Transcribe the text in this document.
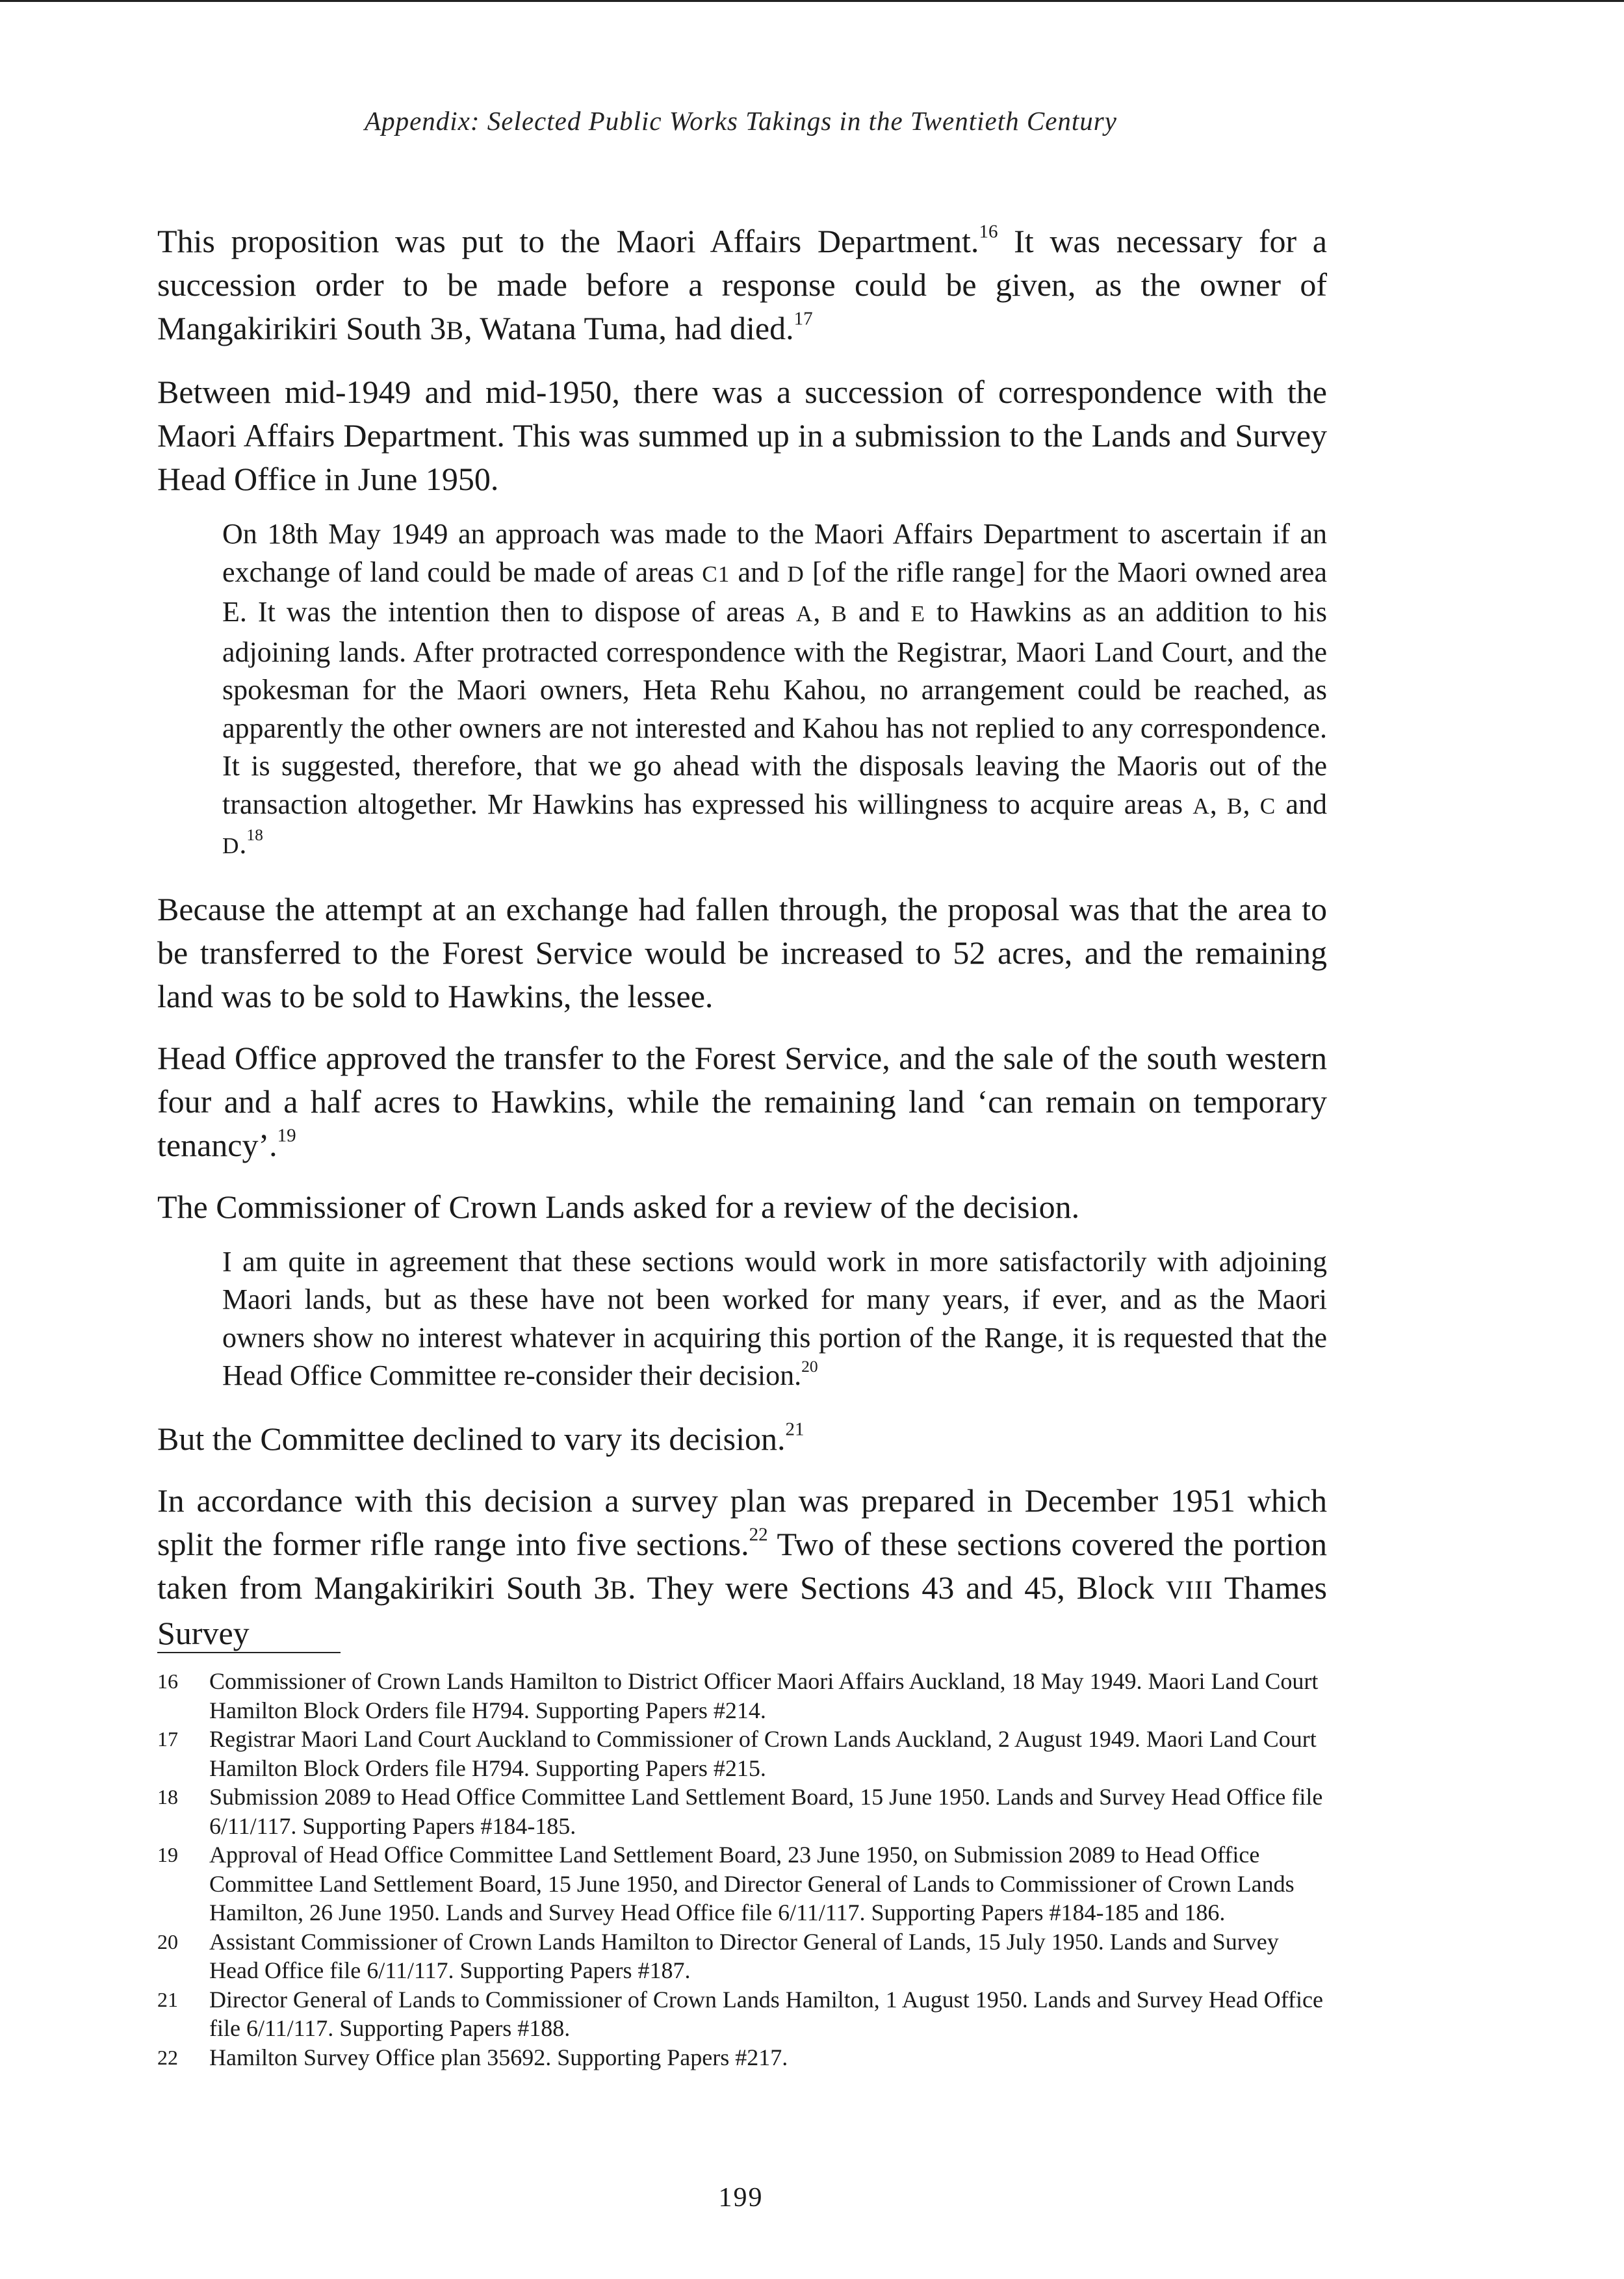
Appendix: Selected Public Works Takings in the Twentieth Century

This proposition was put to the Maori Affairs Department.$^{16}$ It was necessary for a succession order to be made before a response could be given, as the owner of Mangakirikiri South 3B, Watana Tuma, had died.$^{17}$

Between mid-1949 and mid-1950, there was a succession of correspondence with the Maori Affairs Department. This was summed up in a submission to the Lands and Survey Head Office in June 1950.

On 18th May 1949 an approach was made to the Maori Affairs Department to ascertain if an exchange of land could be made of areas C1 and D [of the rifle range] for the Maori owned area E. It was the intention then to dispose of areas A, B and E to Hawkins as an addition to his adjoining lands. After protracted correspondence with the Registrar, Maori Land Court, and the spokesman for the Maori owners, Heta Rehu Kahou, no arrangement could be reached, as apparently the other owners are not interested and Kahou has not replied to any correspondence. It is suggested, therefore, that we go ahead with the disposals leaving the Maoris out of the transaction altogether. Mr Hawkins has expressed his willingness to acquire areas A, B, C and D.$^{18}$

Because the attempt at an exchange had fallen through, the proposal was that the area to be transferred to the Forest Service would be increased to 52 acres, and the remaining land was to be sold to Hawkins, the lessee.

Head Office approved the transfer to the Forest Service, and the sale of the south western four and a half acres to Hawkins, while the remaining land ‘can remain on temporary tenancy’.$^{19}$

The Commissioner of Crown Lands asked for a review of the decision.

I am quite in agreement that these sections would work in more satisfactorily with adjoining Maori lands, but as these have not been worked for many years, if ever, and as the Maori owners show no interest whatever in acquiring this portion of the Range, it is requested that the Head Office Committee re-consider their decision.$^{20}$

But the Committee declined to vary its decision.$^{21}$

In accordance with this decision a survey plan was prepared in December 1951 which split the former rifle range into five sections.$^{22}$ Two of these sections covered the portion taken from Mangakirikiri South 3B. They were Sections 43 and 45, Block VIII Thames Survey

16 Commissioner of Crown Lands Hamilton to District Officer Maori Affairs Auckland, 18 May 1949. Maori Land Court Hamilton Block Orders file H794. Supporting Papers #214.
17 Registrar Maori Land Court Auckland to Commissioner of Crown Lands Auckland, 2 August 1949. Maori Land Court Hamilton Block Orders file H794. Supporting Papers #215.
18 Submission 2089 to Head Office Committee Land Settlement Board, 15 June 1950. Lands and Survey Head Office file 6/11/117. Supporting Papers #184-185.
19 Approval of Head Office Committee Land Settlement Board, 23 June 1950, on Submission 2089 to Head Office Committee Land Settlement Board, 15 June 1950, and Director General of Lands to Commissioner of Crown Lands Hamilton, 26 June 1950. Lands and Survey Head Office file 6/11/117. Supporting Papers #184-185 and 186.
20 Assistant Commissioner of Crown Lands Hamilton to Director General of Lands, 15 July 1950. Lands and Survey Head Office file 6/11/117. Supporting Papers #187.
21 Director General of Lands to Commissioner of Crown Lands Hamilton, 1 August 1950. Lands and Survey Head Office file 6/11/117. Supporting Papers #188.
22 Hamilton Survey Office plan 35692. Supporting Papers #217.
199
